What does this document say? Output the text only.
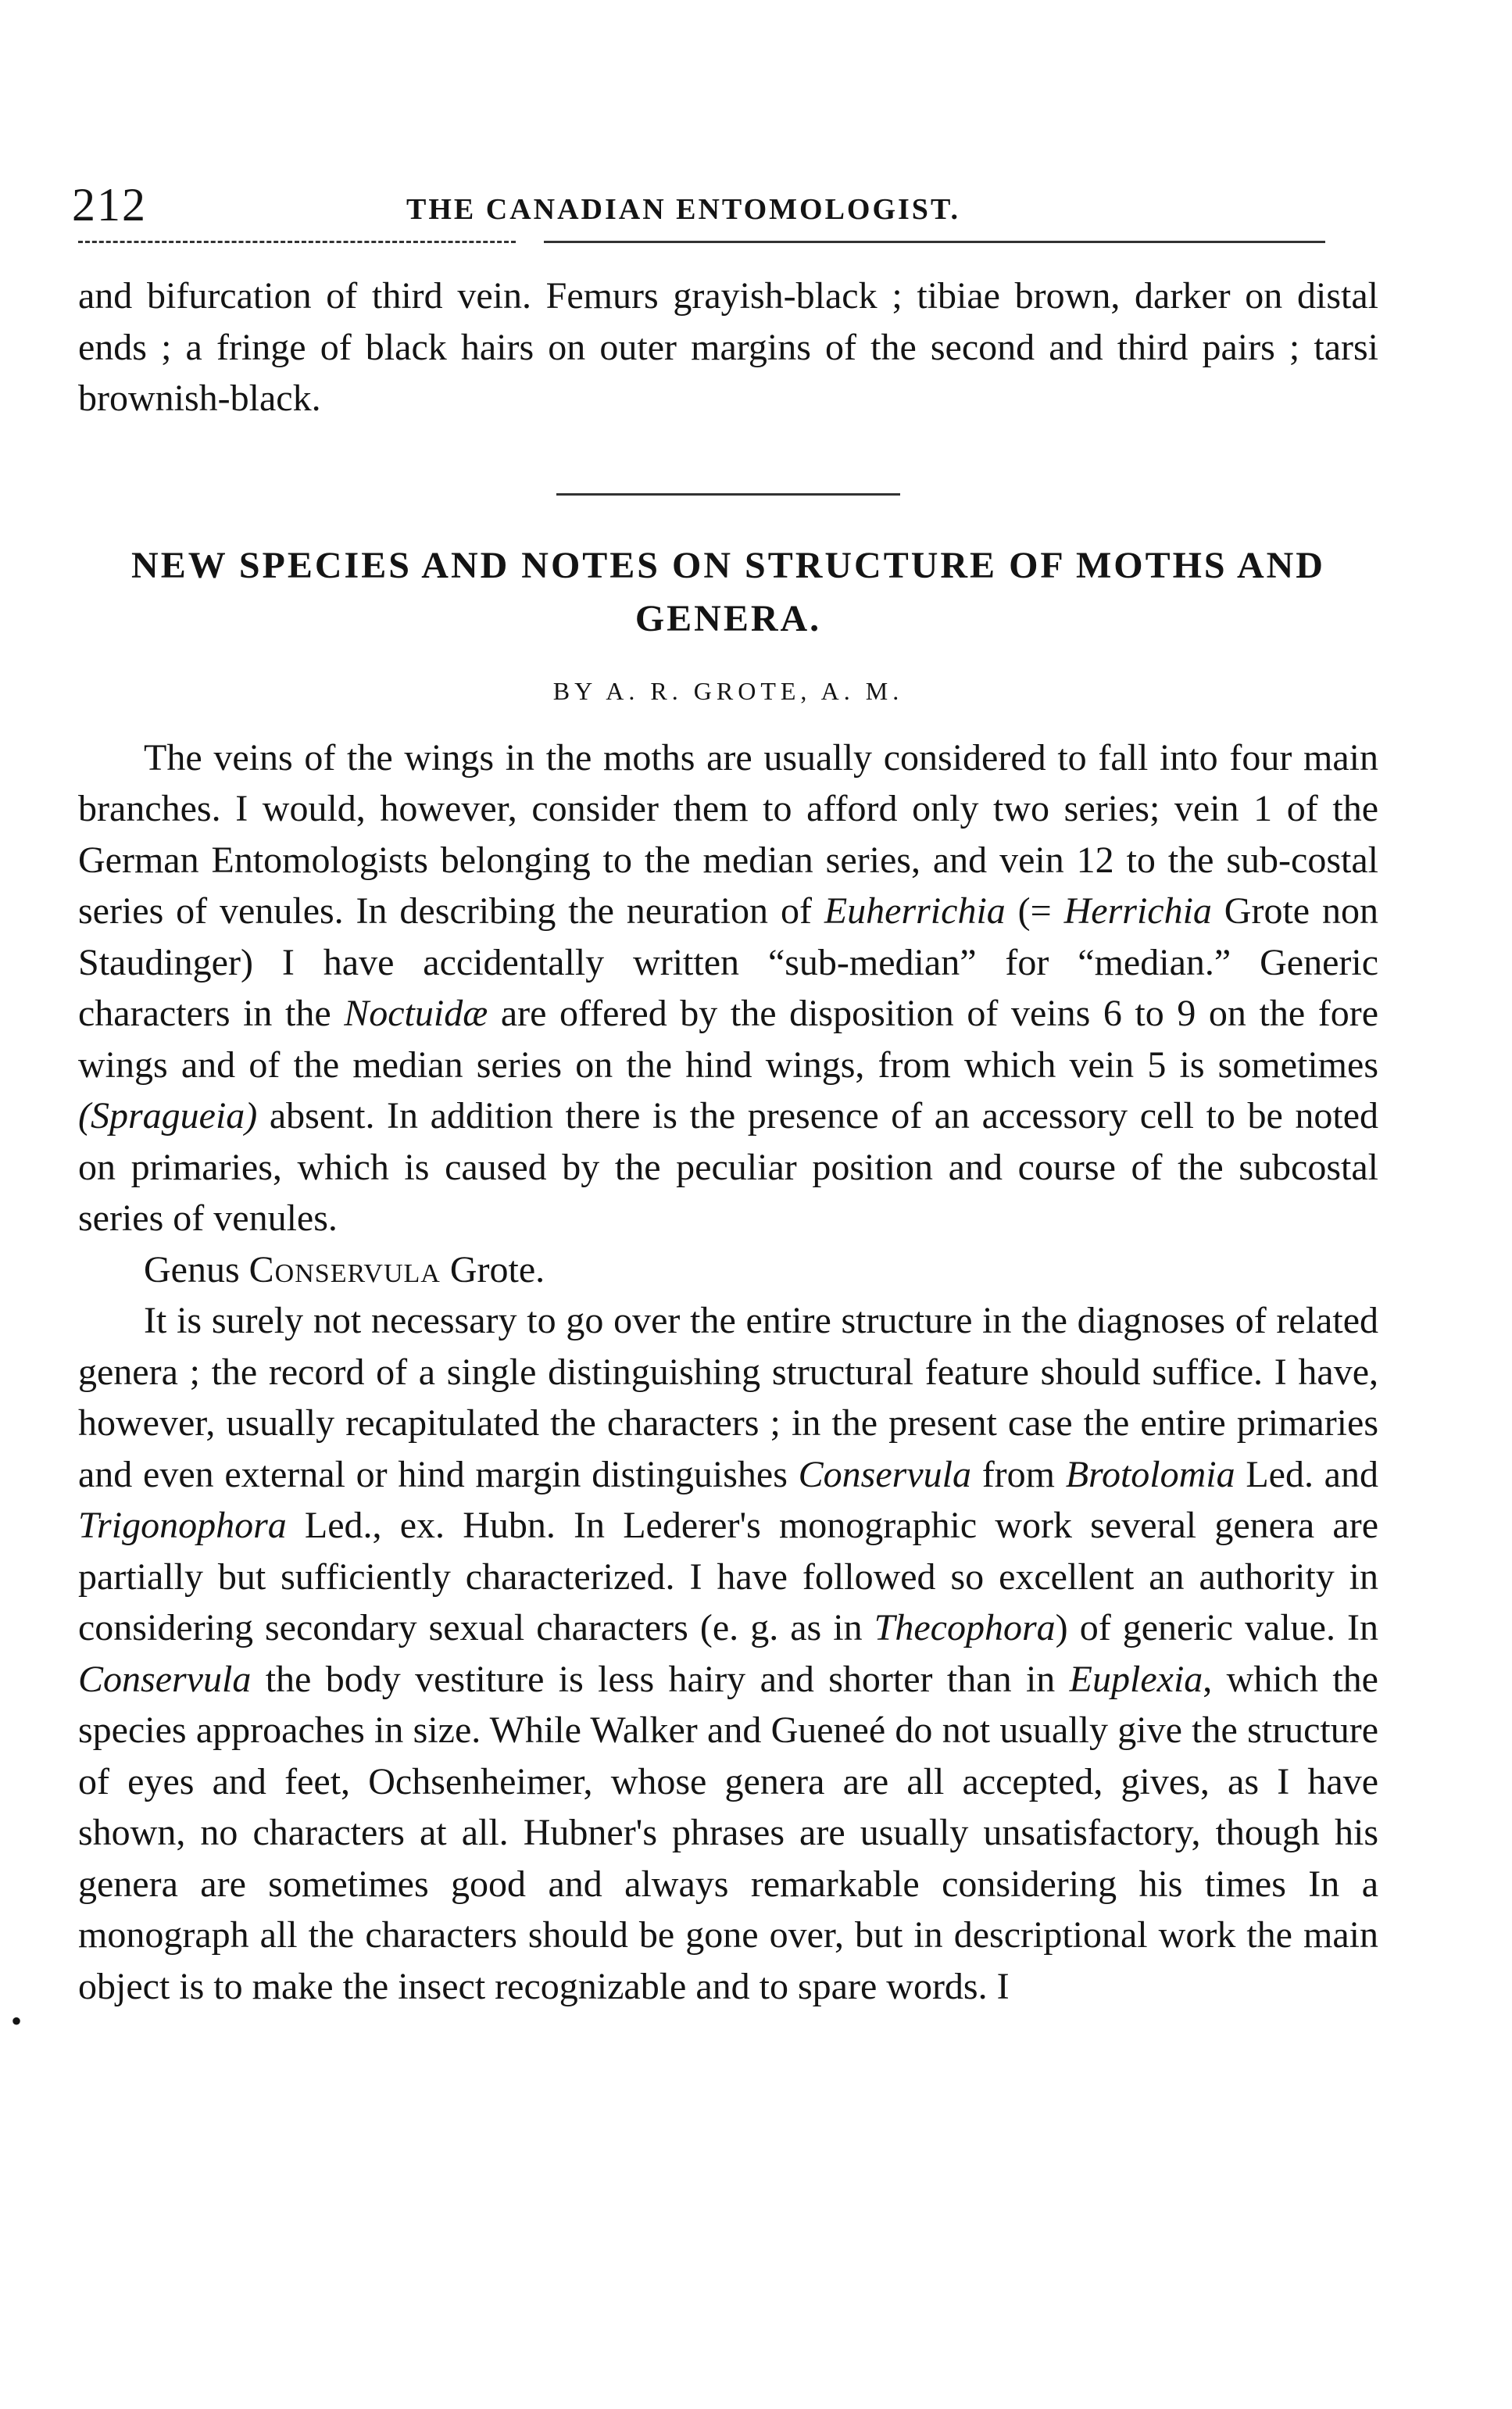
212	THE CANADIAN ENTOMOLOGIST.

and bifurcation of third vein. Femurs grayish-black ; tibiae brown, darker on distal ends ; a fringe of black hairs on outer margins of the second and third pairs ; tarsi brownish-black.

NEW SPECIES AND NOTES ON STRUCTURE OF MOTHS AND GENERA.
BY A. R. GROTE, A. M.

The veins of the wings in the moths are usually considered to fall into four main branches. I would, however, consider them to afford only two series; vein 1 of the German Entomologists belonging to the median series, and vein 12 to the sub-costal series of venules. In describing the neuration of Euherrichia (= Herrichia Grote non Staudinger) I have accidentally written “sub-median” for “median.” Generic characters in the Noctuidæ are offered by the disposition of veins 6 to 9 on the fore wings and of the median series on the hind wings, from which vein 5 is sometimes (Spragueia) absent. In addition there is the presence of an accessory cell to be noted on primaries, which is caused by the peculiar position and course of the subcostal series of venules.

Genus Conservula Grote.

It is surely not necessary to go over the entire structure in the diagnoses of related genera ; the record of a single distinguishing structural feature should suffice. I have, however, usually recapitulated the characters ; in the present case the entire primaries and even external or hind margin distinguishes Conservula from Brotolomia Led. and Trigonophora Led., ex. Hubn. In Lederer's monographic work several genera are partially but sufficiently characterized. I have followed so excellent an authority in considering secondary sexual characters (e. g. as in Thecophora) of generic value. In Conservula the body vestiture is less hairy and shorter than in Euplexia, which the species approaches in size. While Walker and Gueneé do not usually give the structure of eyes and feet, Ochsenheimer, whose genera are all accepted, gives, as I have shown, no characters at all. Hubner's phrases are usually unsatisfactory, though his genera are sometimes good and always remarkable considering his times In a monograph all the characters should be gone over, but in descriptional work the main object is to make the insect recognizable and to spare words. I

•
